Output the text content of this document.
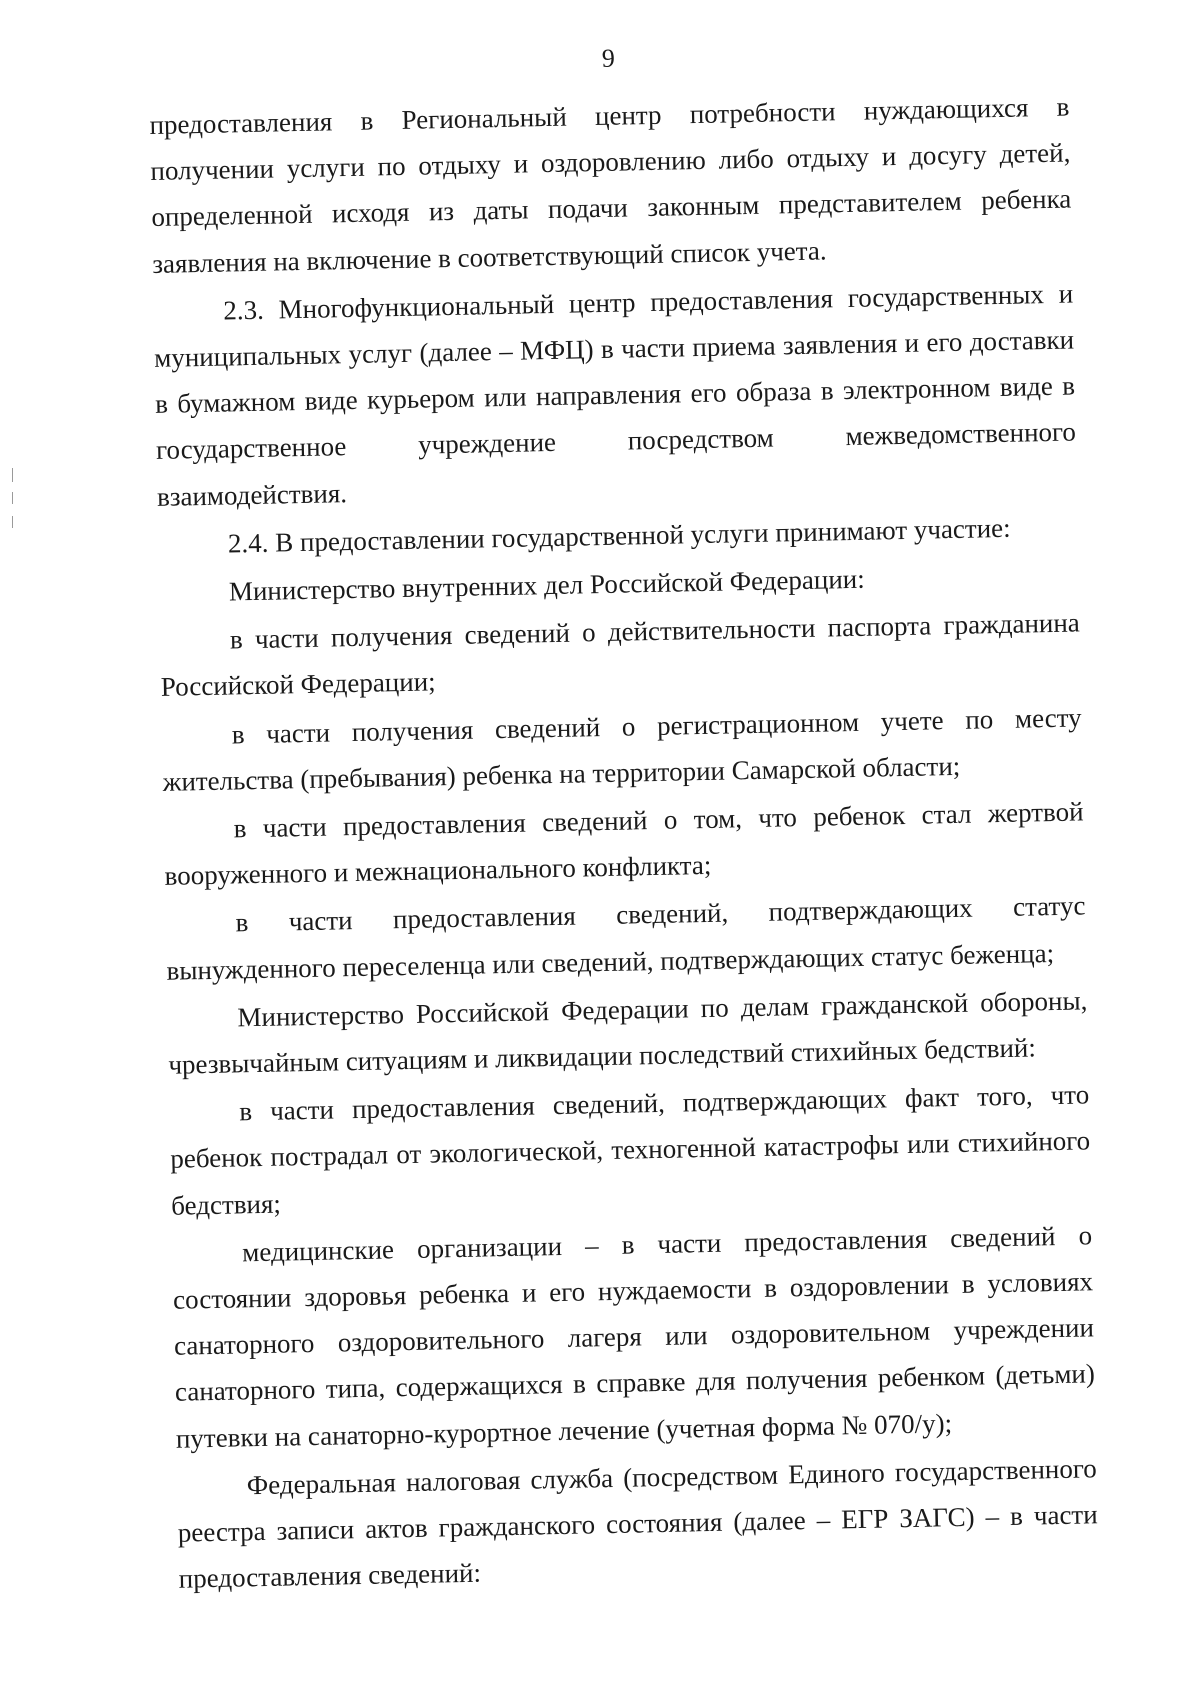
9

предоставления в Региональный центр потребности нуждающихся в получении услуги по отдыху и оздоровлению либо отдыху и досугу детей, определенной исходя из даты подачи законным представителем ребенка заявления на включение в соответствующий список учета.

2.3. Многофункциональный центр предоставления государственных и муниципальных услуг (далее – МФЦ) в части приема заявления и его доставки в бумажном виде курьером или направления его образа в электронном виде в государственное учреждение посредством межведомственного взаимодействия.

2.4. В предоставлении государственной услуги принимают участие:

Министерство внутренних дел Российской Федерации:

в части получения сведений о действительности паспорта гражданина Российской Федерации;

в части получения сведений о регистрационном учете по месту жительства (пребывания) ребенка на территории Самарской области;

в части предоставления сведений о том, что ребенок стал жертвой вооруженного и межнационального конфликта;

в части предоставления сведений, подтверждающих статус вынужденного переселенца или сведений, подтверждающих статус беженца;

Министерство Российской Федерации по делам гражданской обороны, чрезвычайным ситуациям и ликвидации последствий стихийных бедствий:

в части предоставления сведений, подтверждающих факт того, что ребенок пострадал от экологической, техногенной катастрофы или стихийного бедствия;

медицинские организации – в части предоставления сведений о состоянии здоровья ребенка и его нуждаемости в оздоровлении в условиях санаторного оздоровительного лагеря или оздоровительном учреждении санаторного типа, содержащихся в справке для получения ребенком (детьми) путевки на санаторно-курортное лечение (учетная форма № 070/у);

Федеральная налоговая служба (посредством Единого государственного реестра записи актов гражданского состояния (далее – ЕГР ЗАГС) – в части предоставления сведений:
